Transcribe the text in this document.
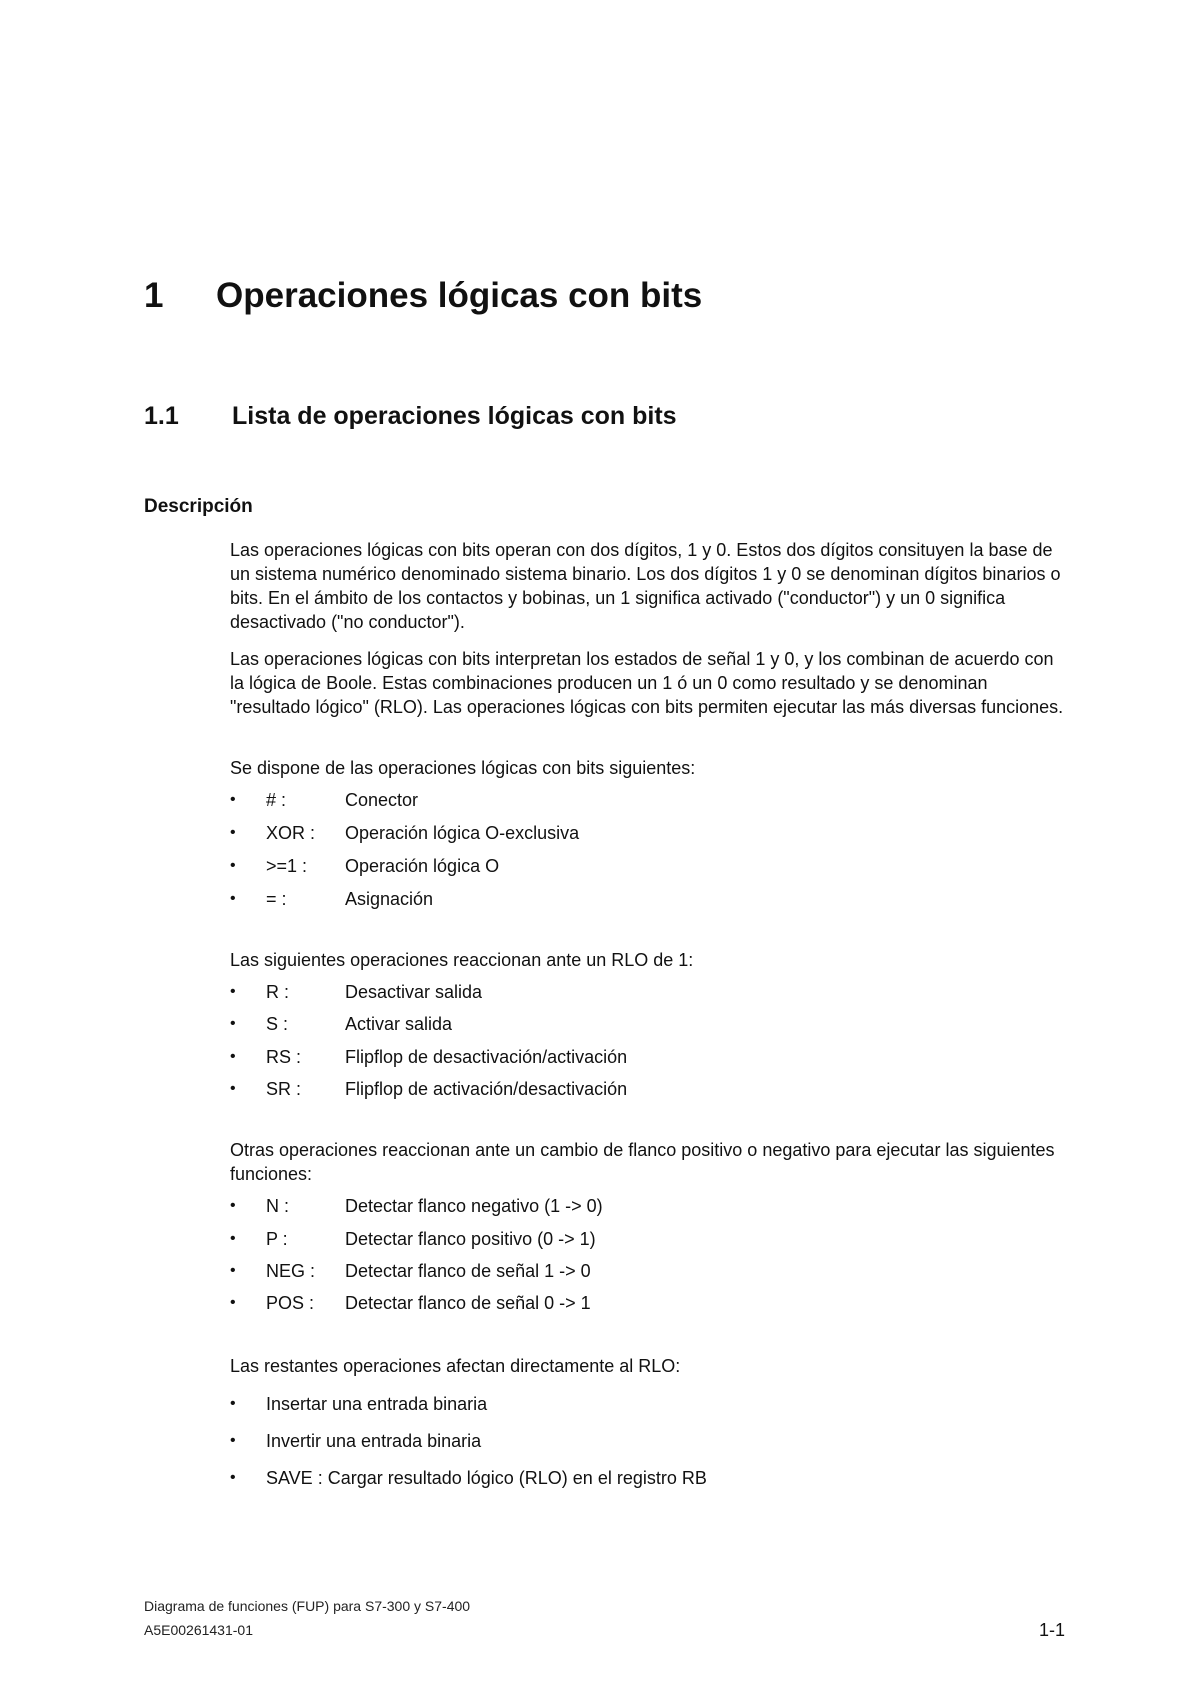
1 Operaciones lógicas con bits
1.1 Lista de operaciones lógicas con bits
Descripción

Las operaciones lógicas con bits operan con dos dígitos, 1 y 0. Estos dos dígitos consituyen la base de un sistema numérico denominado sistema binario. Los dos dígitos 1 y 0 se denominan dígitos binarios o bits. En el ámbito de los contactos y bobinas, un 1 significa activado ("conductor") y un 0 significa desactivado ("no conductor").

Las operaciones lógicas con bits interpretan los estados de señal 1 y 0, y los combinan de acuerdo con la lógica de Boole. Estas combinaciones producen un 1 ó un 0 como resultado y se denominan "resultado lógico" (RLO). Las operaciones lógicas con bits permiten ejecutar las más diversas funciones.

Se dispone de las operaciones lógicas con bits siguientes:
• # :	Conector
• XOR : Operación lógica O-exclusiva
• >=1 : Operación lógica O
• = :	Asignación
Las siguientes operaciones reaccionan ante un RLO de 1:
• R :	Desactivar salida
• S :	Activar salida
• RS : Flipflop de desactivación/activación
• SR : Flipflop de activación/desactivación
Otras operaciones reaccionan ante un cambio de flanco positivo o negativo para ejecutar las siguientes funciones:
• N :	Detectar flanco negativo (1 -> 0)
• P :	Detectar flanco positivo (0 -> 1)
• NEG : Detectar flanco de señal 1 -> 0
• POS : Detectar flanco de señal 0 -> 1
Las restantes operaciones afectan directamente al RLO:
• Insertar una entrada binaria
• Invertir una entrada binaria
• SAVE : Cargar resultado lógico (RLO) en el registro RB
Diagrama de funciones (FUP) para S7-300 y S7-400
A5E00261431-01	1-1
